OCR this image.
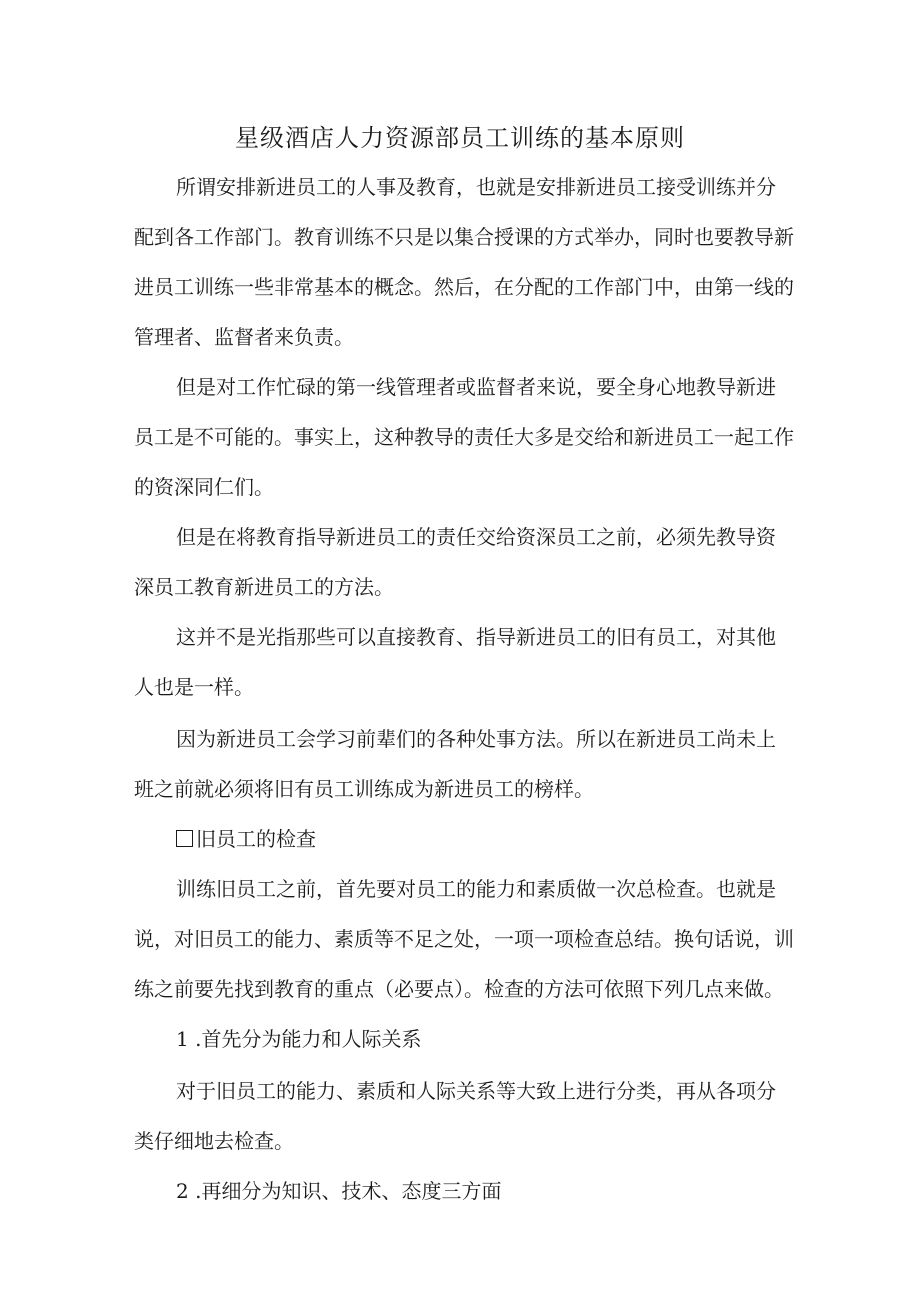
星级酒店人力资源部员工训练的基本原则

所谓安排新进员工的人事及教育，也就是安排新进员工接受训练并分

配到各工作部门。教育训练不只是以集合授课的方式举办，同时也要教导新

进员工训练一些非常基本的概念。然后，在分配的工作部门中，由第一线的

管理者、监督者来负责。

但是对工作忙碌的第一线管理者或监督者来说，要全身心地教导新进

员工是不可能的。事实上，这种教导的责任大多是交给和新进员工一起工作

的资深同仁们。

但是在将教育指导新进员工的责任交给资深员工之前，必须先教导资

深员工教育新进员工的方法。

这并不是光指那些可以直接教育、指导新进员工的旧有员工，对其他

人也是一样。

因为新进员工会学习前辈们的各种处事方法。所以在新进员工尚未上

班之前就必须将旧有员工训练成为新进员工的榜样。

旧员工的检查

训练旧员工之前，首先要对员工的能力和素质做一次总检查。也就是

说，对旧员工的能力、素质等不足之处，一项一项检查总结。换句话说，训

练之前要先找到教育的重点（必要点）。检查的方法可依照下列几点来做。

1 .首先分为能力和人际关系

对于旧员工的能力、素质和人际关系等大致上进行分类，再从各项分

类仔细地去检查。

2 .再细分为知识、技术、态度三方面
